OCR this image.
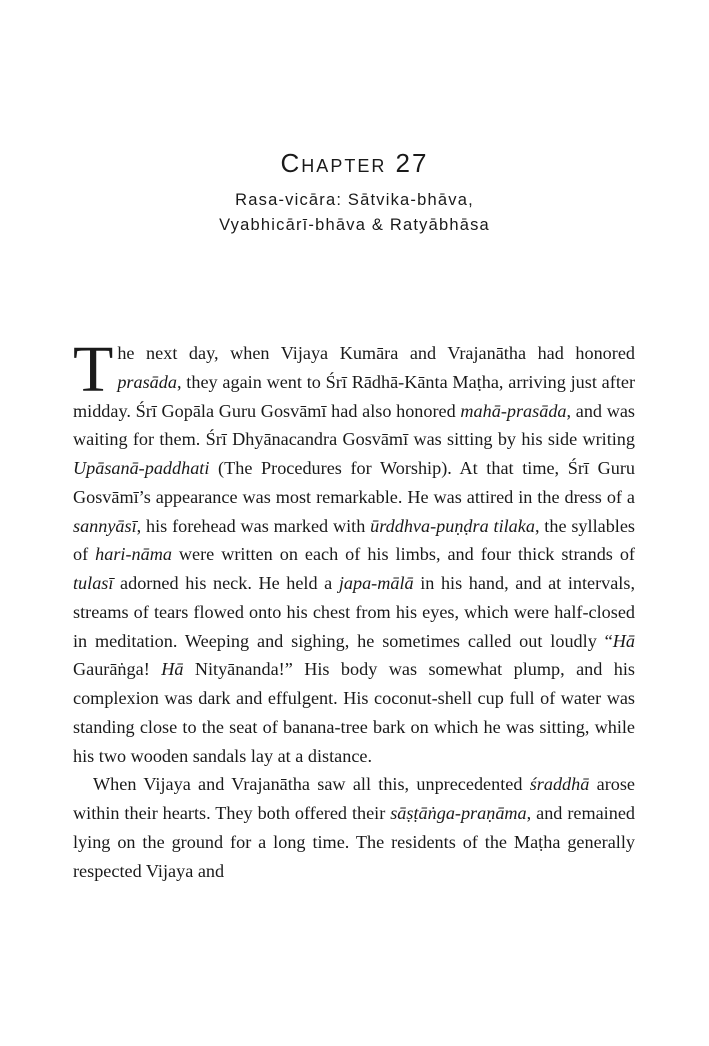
Chapter 27
Rasa-vicāra: Sātvika-bhāva,
Vyabhicārī-bhāva & Ratyābhāsa

The next day, when Vijaya Kumāra and Vrajanātha had honored prasāda, they again went to Śrī Rādhā-Kānta Maṭha, arriving just after midday. Śrī Gopāla Guru Gosvāmī had also honored mahā-prasāda, and was waiting for them. Śrī Dhyānacandra Gosvāmī was sitting by his side writing Upāsanā-paddhati (The Procedures for Worship). At that time, Śrī Guru Gosvāmī’s appearance was most remarkable. He was attired in the dress of a sannyāsī, his forehead was marked with ūrddhva-puṇḍra tilaka, the syllables of hari-nāma were written on each of his limbs, and four thick strands of tulasī adorned his neck. He held a japa-mālā in his hand, and at intervals, streams of tears flowed onto his chest from his eyes, which were half-closed in meditation. Weeping and sighing, he sometimes called out loudly “Hā Gaurāṅga! Hā Nityānanda!” His body was somewhat plump, and his complexion was dark and effulgent. His coconut-shell cup full of water was standing close to the seat of banana-tree bark on which he was sitting, while his two wooden sandals lay at a distance.

When Vijaya and Vrajanātha saw all this, unprecedented śraddhā arose within their hearts. They both offered their sāṣṭāṅga-praṇāma, and remained lying on the ground for a long time. The residents of the Maṭha generally respected Vijaya and
